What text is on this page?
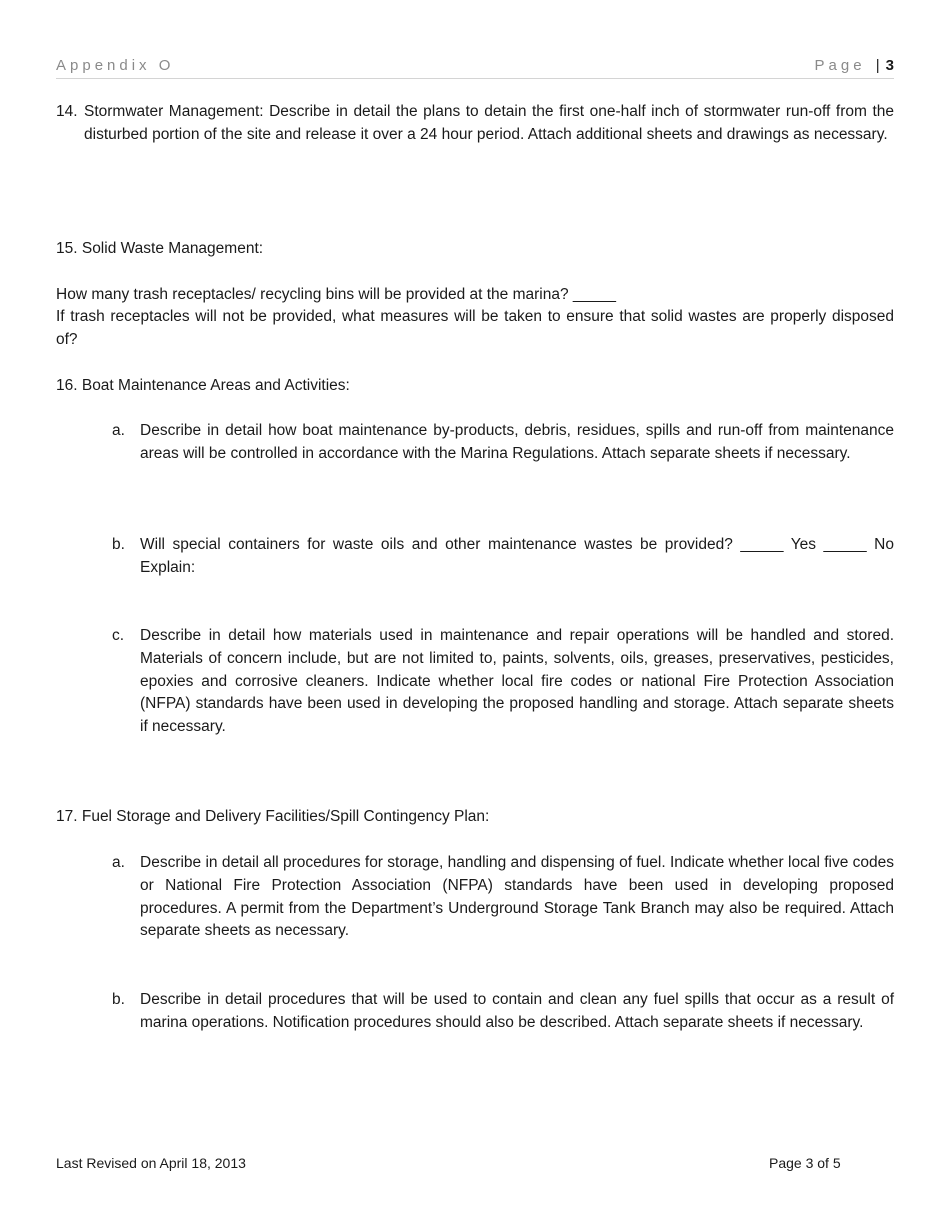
Appendix O	Page | 3
14. Stormwater Management: Describe in detail the plans to detain the first one-half inch of stormwater run-off from the disturbed portion of the site and release it over a 24 hour period. Attach additional sheets and drawings as necessary.
15. Solid Waste Management:
How many trash receptacles/ recycling bins will be provided at the marina? _____
If trash receptacles will not be provided, what measures will be taken to ensure that solid wastes are properly disposed of?
16. Boat Maintenance Areas and Activities:
a. Describe in detail how boat maintenance by-products, debris, residues, spills and run-off from maintenance areas will be controlled in accordance with the Marina Regulations. Attach separate sheets if necessary.
b. Will special containers for waste oils and other maintenance wastes be provided? _____ Yes _____ No Explain:
c. Describe in detail how materials used in maintenance and repair operations will be handled and stored. Materials of concern include, but are not limited to, paints, solvents, oils, greases, preservatives, pesticides, epoxies and corrosive cleaners. Indicate whether local fire codes or national Fire Protection Association (NFPA) standards have been used in developing the proposed handling and storage. Attach separate sheets if necessary.
17. Fuel Storage and Delivery Facilities/Spill Contingency Plan:
a. Describe in detail all procedures for storage, handling and dispensing of fuel. Indicate whether local five codes or National Fire Protection Association (NFPA) standards have been used in developing proposed procedures. A permit from the Department’s Underground Storage Tank Branch may also be required. Attach separate sheets as necessary.
b. Describe in detail procedures that will be used to contain and clean any fuel spills that occur as a result of marina operations. Notification procedures should also be described. Attach separate sheets if necessary.
Last Revised on April 18, 2013	Page 3 of 5
